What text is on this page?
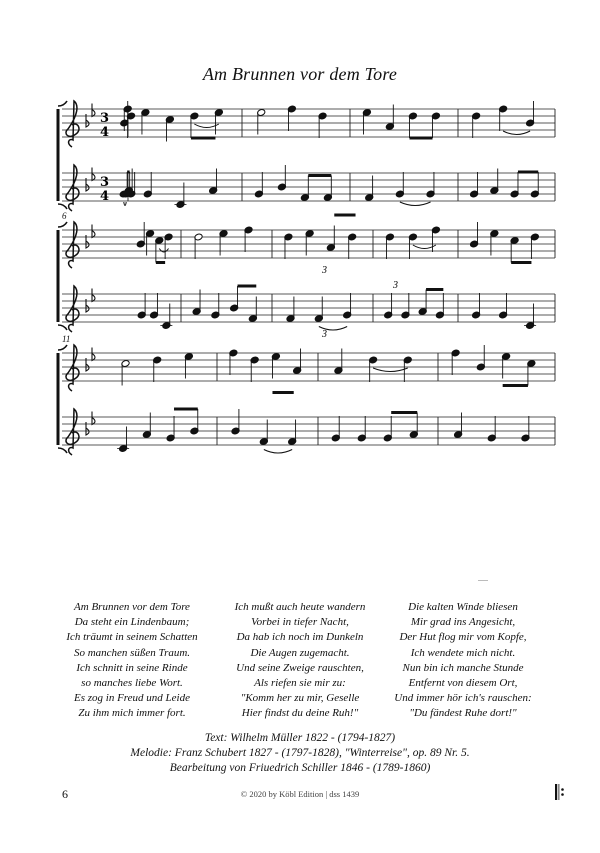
Am Brunnen vor dem Tore
3
4
3
4
3
3
3
6
11
Am Brunnen vor dem Tore
Da steht ein Lindenbaum;
Ich träumt in seinem Schatten
So manchen süßen Traum.
Ich schnitt in seine Rinde
so manches liebe Wort.
Es zog in Freud und Leide
Zu ihm mich immer fort.
Ich mußt auch heute wandern
Vorbei in tiefer Nacht,
Da hab ich noch im Dunkeln
Die Augen zugemacht.
Und seine Zweige rauschten,
Als riefen sie mir zu:
"Komm her zu mir, Geselle
Hier findst du deine Ruh!"
Die kalten Winde bliesen
Mir grad ins Angesicht,
Der Hut flog mir vom Kopfe,
Ich wendete mich nicht.
Nun bin ich manche Stunde
Entfernt von diesem Ort,
Und immer hör ich's rauschen:
"Du fändest Ruhe dort!"
Text: Wilhelm Müller 1822 - (1794-1827)
Melodie: Franz Schubert 1827 - (1797-1828), "Winterreise", op. 89 Nr. 5.
Bearbeitung von Friuedrich Schiller 1846 - (1789-1860)
6	© 2020 by Köbl Edition | dss 1439
